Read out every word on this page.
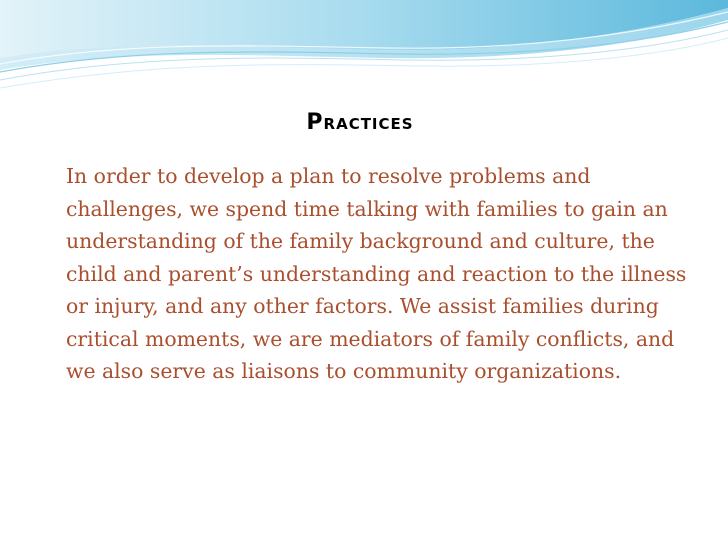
Practices

In order to develop a plan to resolve problems and challenges, we spend time talking with families to gain an understanding of the family background and culture, the child and parent’s understanding and reaction to the illness or injury, and any other factors. We assist families during critical moments, we are mediators of family conflicts, and we also serve as liaisons to community organizations.
